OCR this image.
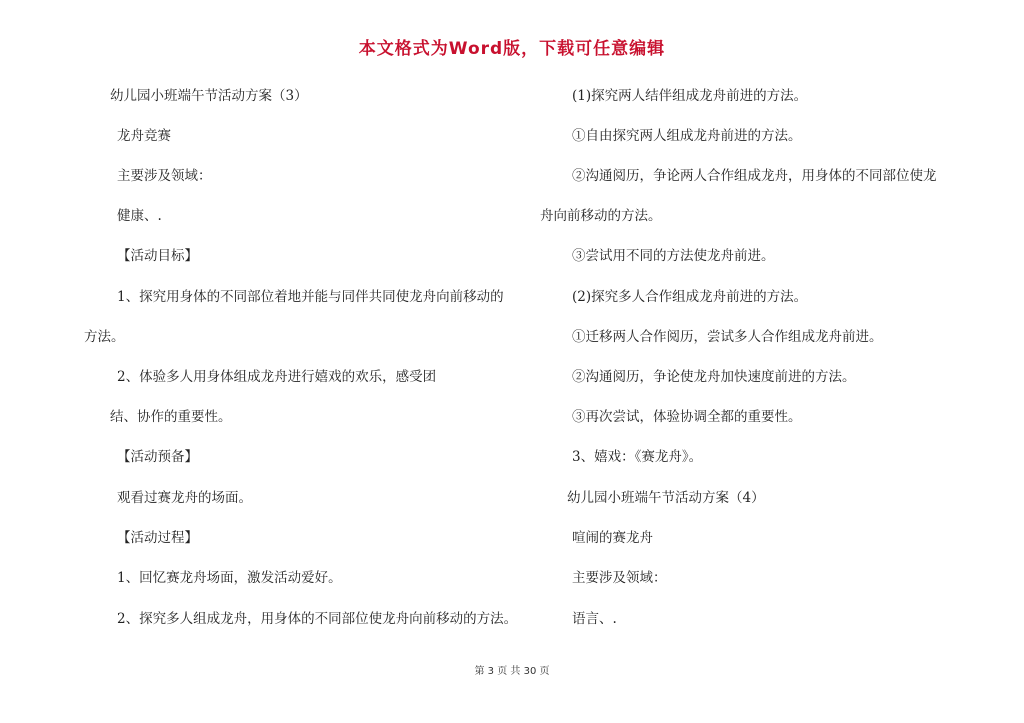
本文格式为Word版，下载可任意编辑
幼儿园小班端午节活动方案（3）
龙舟竞赛
主要涉及领域：
健康、.
【活动目标】
1、探究用身体的不同部位着地并能与同伴共同使龙舟向前移动的
方法。
2、体验多人用身体组成龙舟进行嬉戏的欢乐，感受团
结、协作的重要性。
【活动预备】
观看过赛龙舟的场面。
【活动过程】
1、回忆赛龙舟场面，激发活动爱好。
2、探究多人组成龙舟，用身体的不同部位使龙舟向前移动的方法。
(1)探究两人结伴组成龙舟前进的方法。
①自由探究两人组成龙舟前进的方法。
②沟通阅历，争论两人合作组成龙舟，用身体的不同部位使龙
舟向前移动的方法。
③尝试用不同的方法使龙舟前进。
(2)探究多人合作组成龙舟前进的方法。
①迁移两人合作阅历，尝试多人合作组成龙舟前进。
②沟通阅历，争论使龙舟加快速度前进的方法。
③再次尝试，体验协调全都的重要性。
3、嬉戏：《赛龙舟》。
幼儿园小班端午节活动方案（4）
喧闹的赛龙舟
主要涉及领域：
语言、.
第 3 页 共 30 页
